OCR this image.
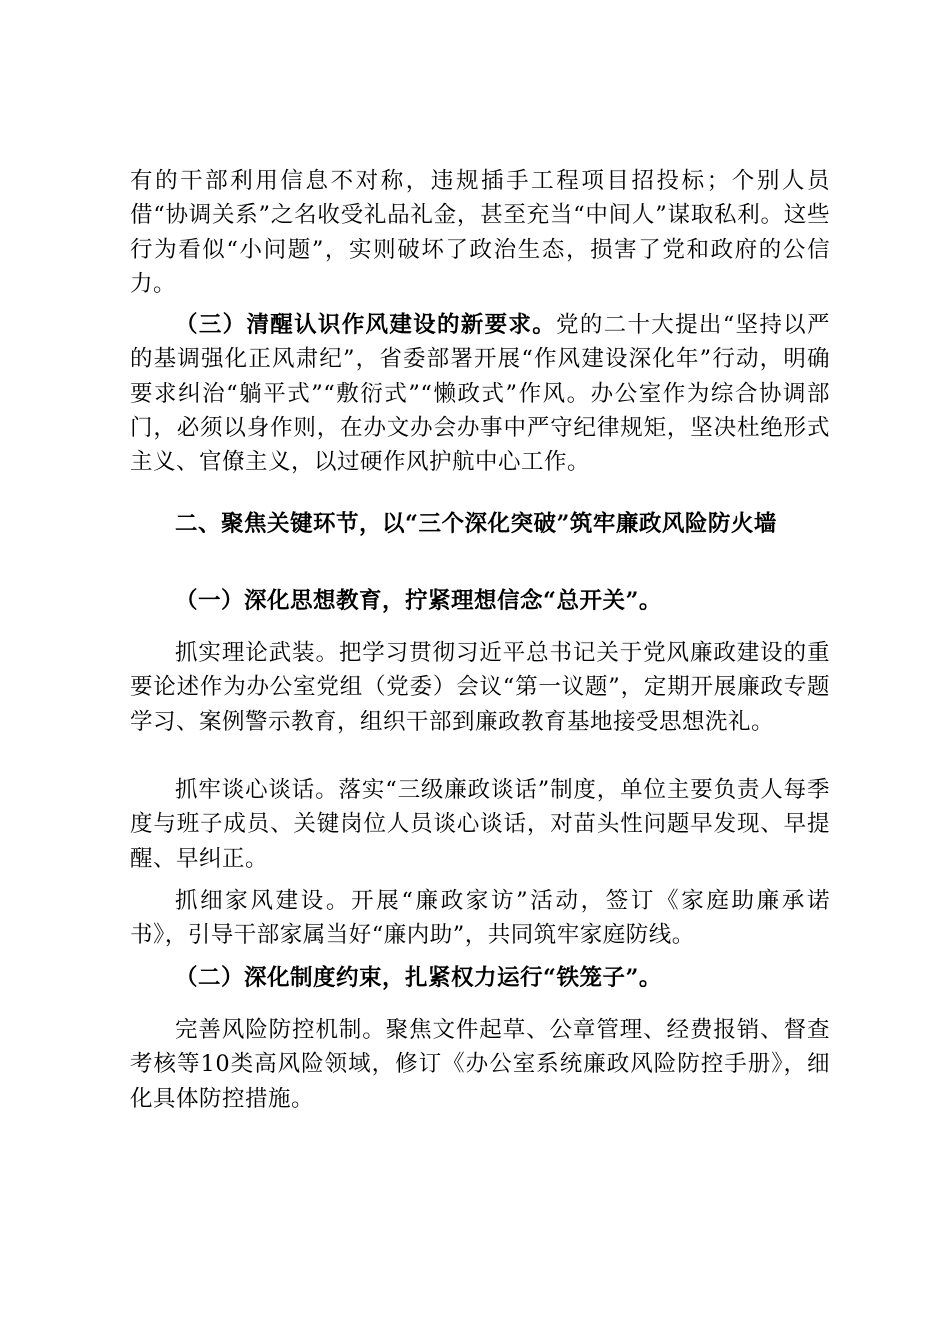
有的干部利用信息不对称，违规插手工程项目招投标；个别人员借“协调关系”之名收受礼品礼金，甚至充当“中间人”谋取私利。这些行为看似“小问题”，实则破坏了政治生态，损害了党和政府的公信力。

（三）清醒认识作风建设的新要求。党的二十大提出“坚持以严的基调强化正风肃纪”，省委部署开展“作风建设深化年”行动，明确要求纠治“躺平式”“敷衍式”“懒政式”作风。办公室作为综合协调部门，必须以身作则，在办文办会办事中严守纪律规矩，坚决杜绝形式主义、官僚主义，以过硬作风护航中心工作。

二、聚焦关键环节，以“三个深化突破”筑牢廉政风险防火墙

（一）深化思想教育，拧紧理想信念“总开关”。

抓实理论武装。把学习贯彻习近平总书记关于党风廉政建设的重要论述作为办公室党组（党委）会议“第一议题”，定期开展廉政专题学习、案例警示教育，组织干部到廉政教育基地接受思想洗礼。

抓牢谈心谈话。落实“三级廉政谈话”制度，单位主要负责人每季度与班子成员、关键岗位人员谈心谈话，对苗头性问题早发现、早提醒、早纠正。

抓细家风建设。开展“廉政家访”活动，签订《家庭助廉承诺书》，引导干部家属当好“廉内助”，共同筑牢家庭防线。

（二）深化制度约束，扎紧权力运行“铁笼子”。

完善风险防控机制。聚焦文件起草、公章管理、经费报销、督查考核等10类高风险领域，修订《办公室系统廉政风险防控手册》，细化具体防控措施。
